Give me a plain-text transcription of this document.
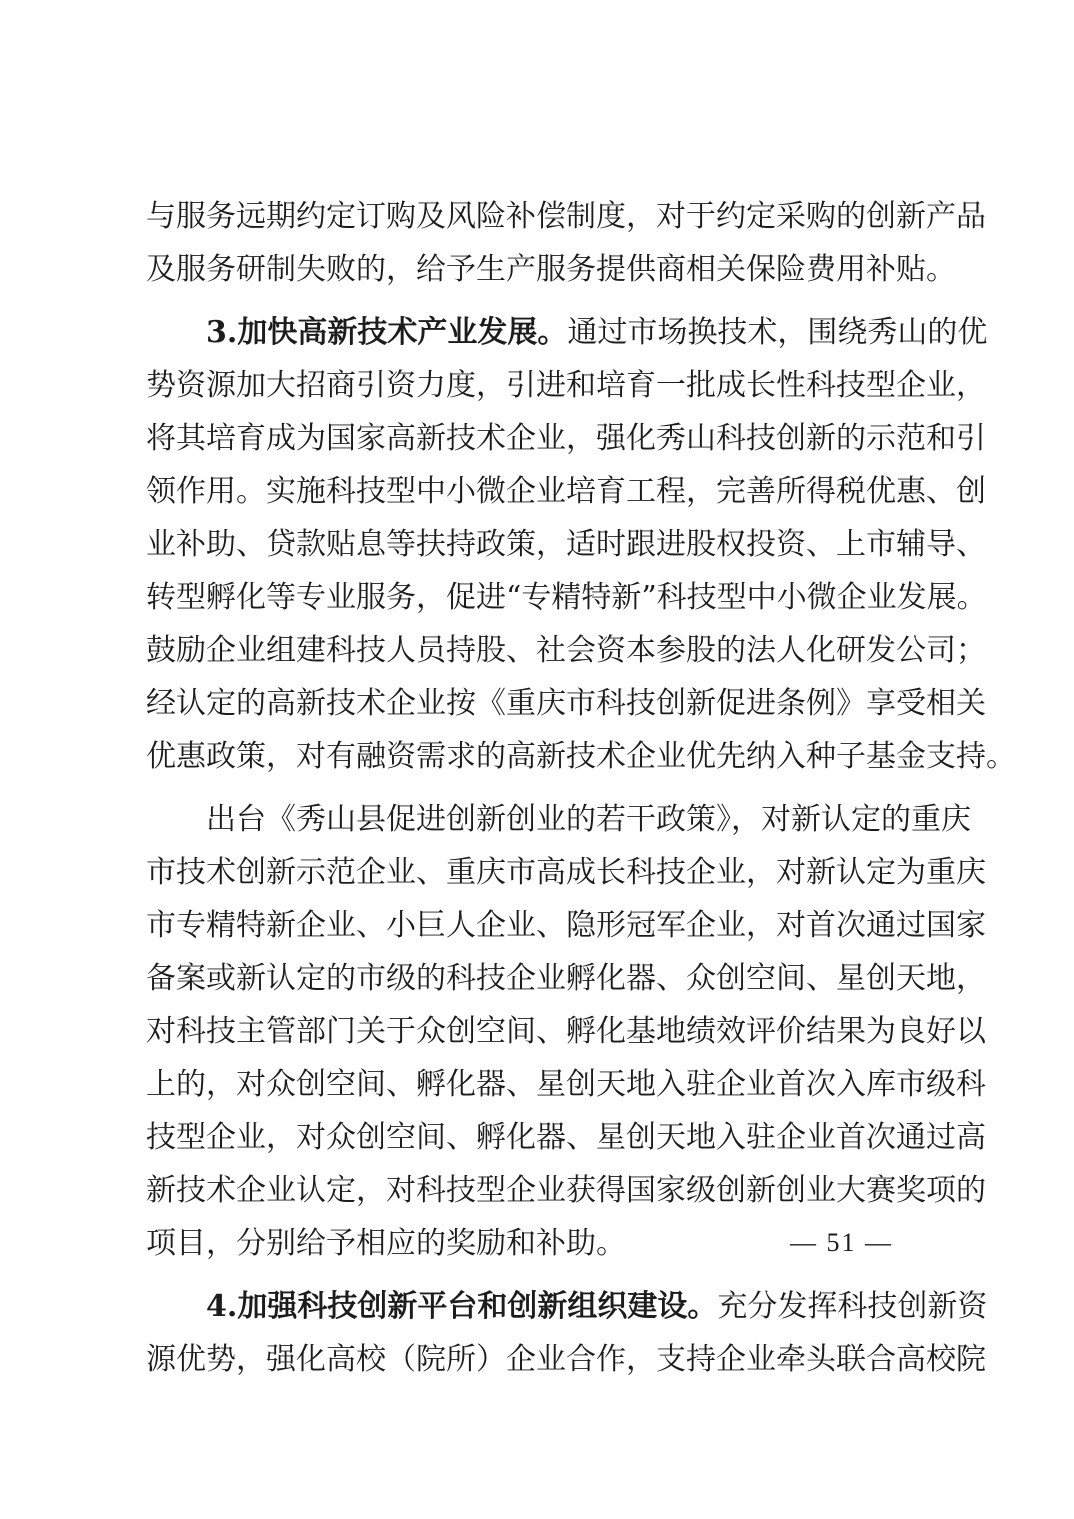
与服务远期约定订购及风险补偿制度，对于约定采购的创新产品
及服务研制失败的，给予生产服务提供商相关保险费用补贴。
3.加快高新技术产业发展。通过市场换技术，围绕秀山的优
势资源加大招商引资力度，引进和培育一批成长性科技型企业，
将其培育成为国家高新技术企业，强化秀山科技创新的示范和引
领作用。实施科技型中小微企业培育工程，完善所得税优惠、创
业补助、贷款贴息等扶持政策，适时跟进股权投资、上市辅导、
转型孵化等专业服务，促进“专精特新”科技型中小微企业发展。
鼓励企业组建科技人员持股、社会资本参股的法人化研发公司；
经认定的高新技术企业按《重庆市科技创新促进条例》享受相关
优惠政策，对有融资需求的高新技术企业优先纳入种子基金支持。
出台《秀山县促进创新创业的若干政策》，对新认定的重庆
市技术创新示范企业、重庆市高成长科技企业，对新认定为重庆
市专精特新企业、小巨人企业、隐形冠军企业，对首次通过国家
备案或新认定的市级的科技企业孵化器、众创空间、星创天地，
对科技主管部门关于众创空间、孵化基地绩效评价结果为良好以
上的，对众创空间、孵化器、星创天地入驻企业首次入库市级科
技型企业，对众创空间、孵化器、星创天地入驻企业首次通过高
新技术企业认定，对科技型企业获得国家级创新创业大赛奖项的
项目，分别给予相应的奖励和补助。
4.加强科技创新平台和创新组织建设。充分发挥科技创新资
源优势，强化高校（院所）企业合作，支持企业牵头联合高校院
— 51 —
